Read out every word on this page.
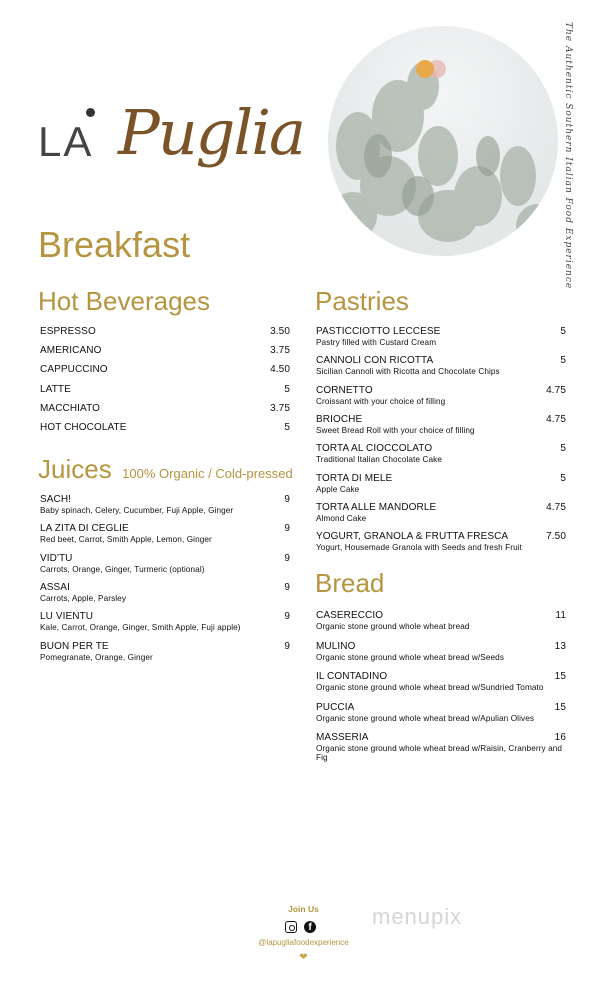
LA Puglia	The Authentic Southern Italian Food Experience
Breakfast
Hot Beverages
ESPRESSO	3.50
AMERICANO	3.75
CAPPUCCINO	4.50
LATTE	5
MACCHIATO	3.75
HOT CHOCOLATE	5
Juices 100% Organic / Cold-pressed
SACH!	9
Baby spinach, Celery, Cucumber, Fuji Apple, Ginger
LA ZITA DI CEGLIE	9
Red beet, Carrot, Smith Apple, Lemon, Ginger
VID'TU	9
Carrots, Orange, Ginger, Turmeric (optional)
ASSAI	9
Carrots, Apple, Parsley
LU VIENTU	9
Kale, Carrot, Orange, Ginger, Smith Apple, Fuji apple)
BUON PER TE	9
Pomegranate, Orange, Ginger
Pastries
PASTICCIOTTO LECCESE	5
Pastry filled with Custard Cream
CANNOLI CON RICOTTA	5
Sicilian Cannoli with Ricotta and Chocolate Chips
CORNETTO	4.75
Croissant with your choice of filling
BRIOCHE	4.75
Sweet Bread Roll with your choice of filling
TORTA AL CIOCCOLATO	5
Traditional Italian Chocolate Cake
TORTA DI MELE	5
Apple Cake
TORTA ALLE MANDORLE	4.75
Almond Cake
YOGURT, GRANOLA & FRUTTA FRESCA	7.50
Yogurt, Housemade Granola with Seeds and fresh Fruit
Bread
CASERECCIO	11
Organic stone ground whole wheat bread
MULINO	13
Organic stone ground whole wheat bread w/Seeds
IL CONTADINO	15
Organic stone ground whole wheat bread w/Sundried Tomato
PUCCIA	15
Organic stone ground whole wheat bread w/Apulian Olives
MASSERIA	16
Organic stone ground whole wheat bread w/Raisin, Cranberry and Fig
Join Us
f
@lapugliafoodexperience
❤
menupix
